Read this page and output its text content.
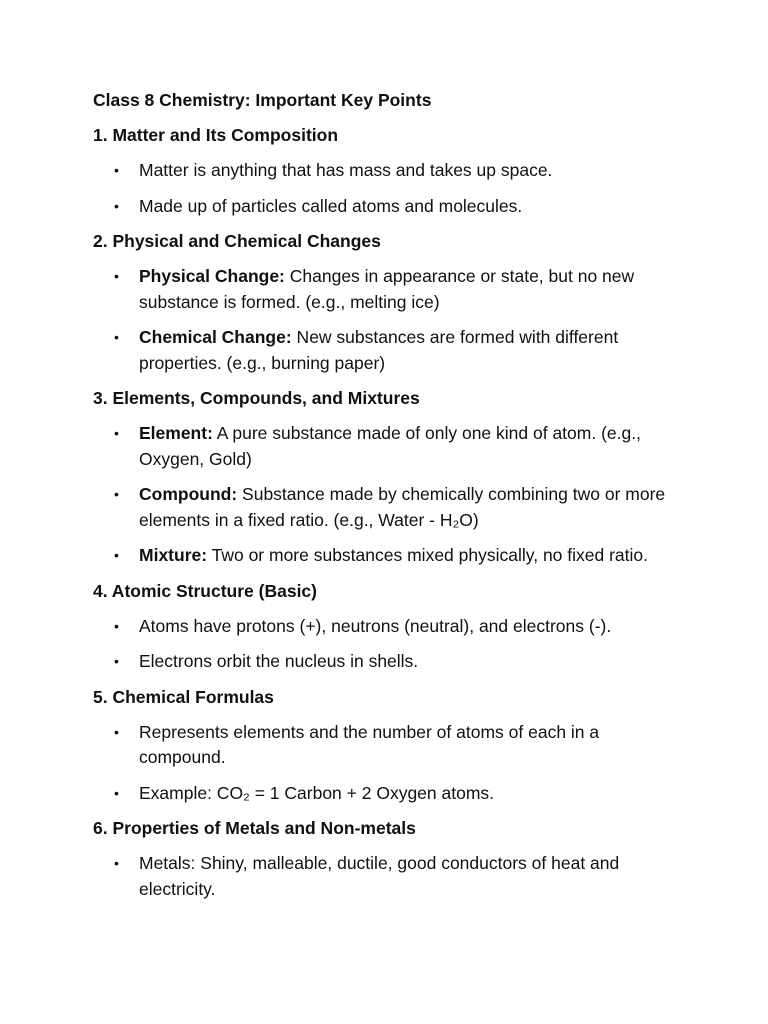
Class 8 Chemistry: Important Key Points
1. Matter and Its Composition
• Matter is anything that has mass and takes up space.
• Made up of particles called atoms and molecules.
2. Physical and Chemical Changes
• Physical Change: Changes in appearance or state, but no new substance is formed. (e.g., melting ice)
• Chemical Change: New substances are formed with different properties. (e.g., burning paper)
3. Elements, Compounds, and Mixtures
• Element: A pure substance made of only one kind of atom. (e.g., Oxygen, Gold)
• Compound: Substance made by chemically combining two or more elements in a fixed ratio. (e.g., Water - H₂O)
• Mixture: Two or more substances mixed physically, no fixed ratio.
4. Atomic Structure (Basic)
• Atoms have protons (+), neutrons (neutral), and electrons (-).
• Electrons orbit the nucleus in shells.
5. Chemical Formulas
• Represents elements and the number of atoms of each in a compound.
• Example: CO₂ = 1 Carbon + 2 Oxygen atoms.
6. Properties of Metals and Non-metals
• Metals: Shiny, malleable, ductile, good conductors of heat and electricity.
